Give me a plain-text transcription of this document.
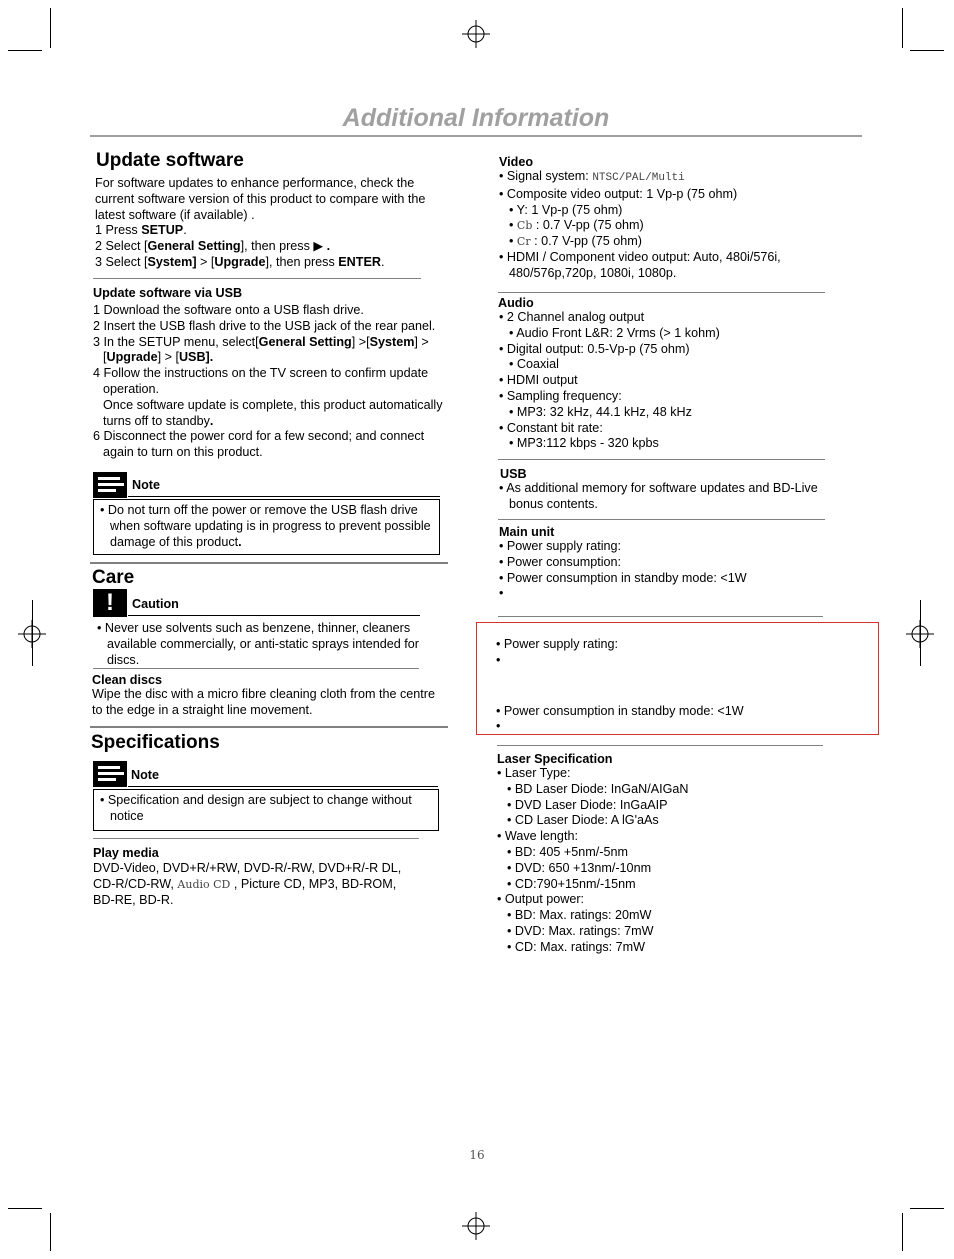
Additional Information
Update software
For software updates to enhance performance, check the
current software version of this product to compare with the
latest software (if available) .
1 Press SETUP.
2 Select [General Setting], then press ▶ .
3 Select [System] > [Upgrade], then press ENTER.
Update software via USB
1 Download the software onto a USB flash drive.
2 Insert the USB flash drive to the USB jack of the rear panel.
3 In the SETUP menu, select[General Setting] >[System] >
[Upgrade] > [USB].
4 Follow the instructions on the TV screen to confirm update
operation.
Once software update is complete, this product automatically
turns off to standby.
6 Disconnect the power cord for a few second; and connect
again to turn on this product.
Note
• Do not turn off the power or remove the USB flash drive
when software updating is in progress to prevent possible
damage of this product.
Care
!	Caution
• Never use solvents such as benzene, thinner, cleaners
available commercially, or anti-static sprays intended for
discs.
Clean discs
Wipe the disc with a micro fibre cleaning cloth from the centre
to the edge in a straight line movement.
Specifications
Note
• Specification and design are subject to change without
notice
Play media
DVD-Video, DVD+R/+RW, DVD-R/-RW, DVD+R/-R DL,
CD-R/CD-RW, Audio CD , Picture CD, MP3, BD-ROM,
BD-RE, BD-R.
Video
• Signal system: NTSC/PAL/Multi
• Composite video output: 1 Vp-p (75 ohm)
• Y: 1 Vp-p (75 ohm)
• Cb : 0.7 V-pp (75 ohm)
• Cr : 0.7 V-pp (75 ohm)
• HDMI / Component video output: Auto, 480i/576i,
480/576p,720p, 1080i, 1080p.
Audio
• 2 Channel analog output
• Audio Front L&R: 2 Vrms (> 1 kohm)
• Digital output: 0.5-Vp-p (75 ohm)
• Coaxial
• HDMI output
• Sampling frequency:
• MP3: 32 kHz, 44.1 kHz, 48 kHz
• Constant bit rate:
• MP3:112 kbps - 320 kpbs
USB
• As additional memory for software updates and BD-Live
bonus contents.
Main unit
• Power supply rating:
• Power consumption:
• Power consumption in standby mode: <1W
•
• Power supply rating:
•
• Power consumption in standby mode: <1W
•
Laser Specification
• Laser Type:
• BD Laser Diode: InGaN/AIGaN
• DVD Laser Diode: InGaAIP
• CD Laser Diode: A lG'aAs
• Wave length:
• BD: 405 +5nm/-5nm
• DVD: 650 +13nm/-10nm
• CD:790+15nm/-15nm
• Output power:
• BD: Max. ratings: 20mW
• DVD: Max. ratings: 7mW
• CD: Max. ratings: 7mW
16
